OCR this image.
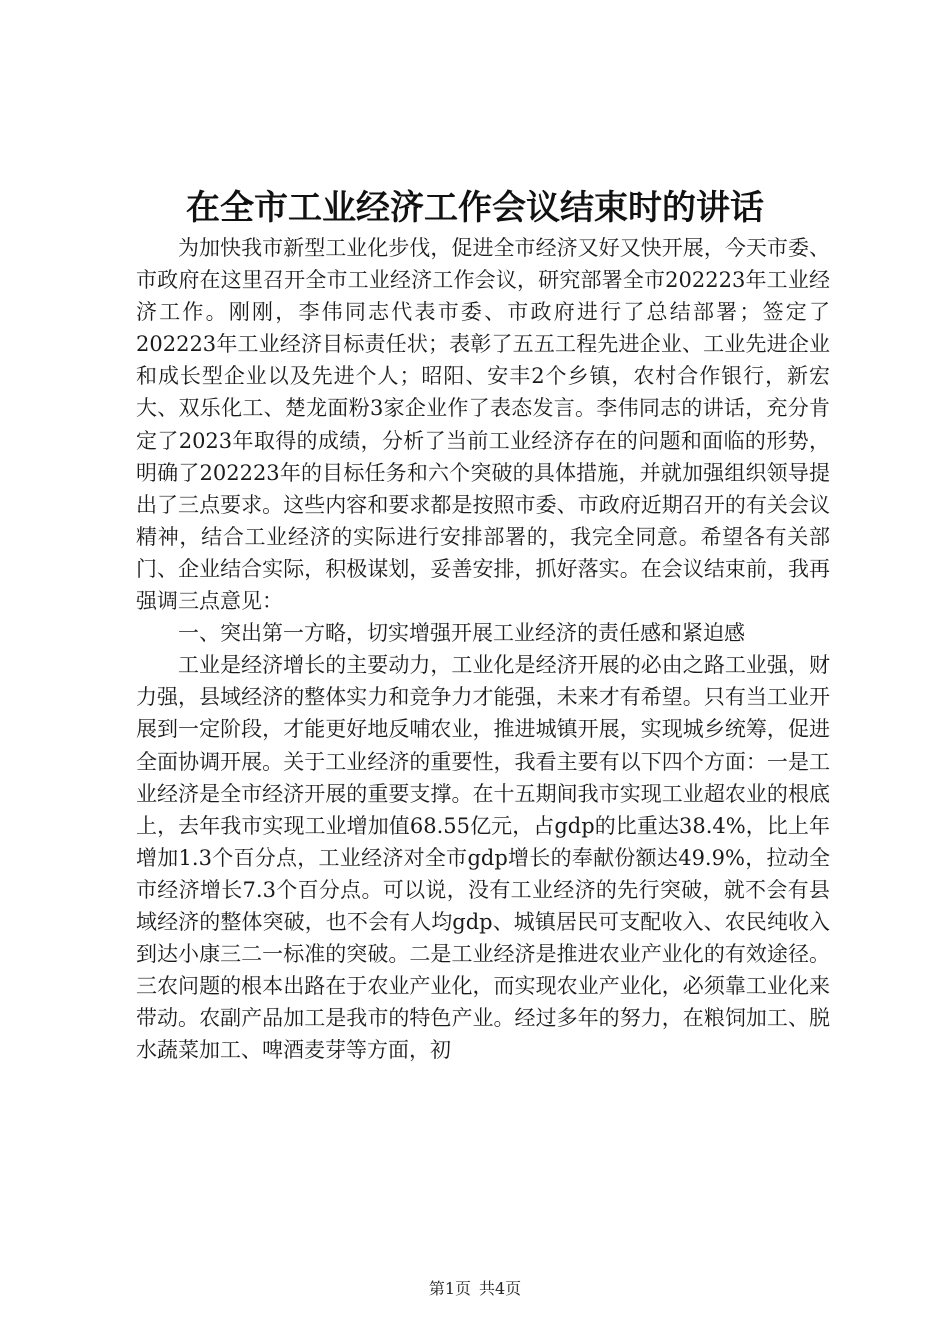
在全市工业经济工作会议结束时的讲话

为加快我市新型工业化步伐，促进全市经济又好又快开展，今天市委、市政府在这里召开全市工业经济工作会议，研究部署全市202223年工业经济工作。刚刚，李伟同志代表市委、市政府进行了总结部署；签定了202223年工业经济目标责任状；表彰了五五工程先进企业、工业先进企业和成长型企业以及先进个人；昭阳、安丰2个乡镇，农村合作银行，新宏大、双乐化工、楚龙面粉3家企业作了表态发言。李伟同志的讲话，充分肯定了2023年取得的成绩，分析了当前工业经济存在的问题和面临的形势，明确了202223年的目标任务和六个突破的具体措施，并就加强组织领导提出了三点要求。这些内容和要求都是按照市委、市政府近期召开的有关会议精神，结合工业经济的实际进行安排部署的，我完全同意。希望各有关部门、企业结合实际，积极谋划，妥善安排，抓好落实。在会议结束前，我再强调三点意见：

一、突出第一方略，切实增强开展工业经济的责任感和紧迫感

工业是经济增长的主要动力，工业化是经济开展的必由之路工业强，财力强，县域经济的整体实力和竞争力才能强，未来才有希望。只有当工业开展到一定阶段，才能更好地反哺农业，推进城镇开展，实现城乡统筹，促进全面协调开展。关于工业经济的重要性，我看主要有以下四个方面：一是工业经济是全市经济开展的重要支撑。在十五期间我市实现工业超农业的根底上，去年我市实现工业增加值68.55亿元，占gdp的比重达38.4%，比上年增加1.3个百分点，工业经济对全市gdp增长的奉献份额达49.9%，拉动全市经济增长7.3个百分点。可以说，没有工业经济的先行突破，就不会有县域经济的整体突破，也不会有人均gdp、城镇居民可支配收入、农民纯收入到达小康三二一标准的突破。二是工业经济是推进农业产业化的有效途径。三农问题的根本出路在于农业产业化，而实现农业产业化，必须靠工业化来带动。农副产品加工是我市的特色产业。经过多年的努力，在粮饲加工、脱水蔬菜加工、啤酒麦芽等方面，初

第1页 共4页
